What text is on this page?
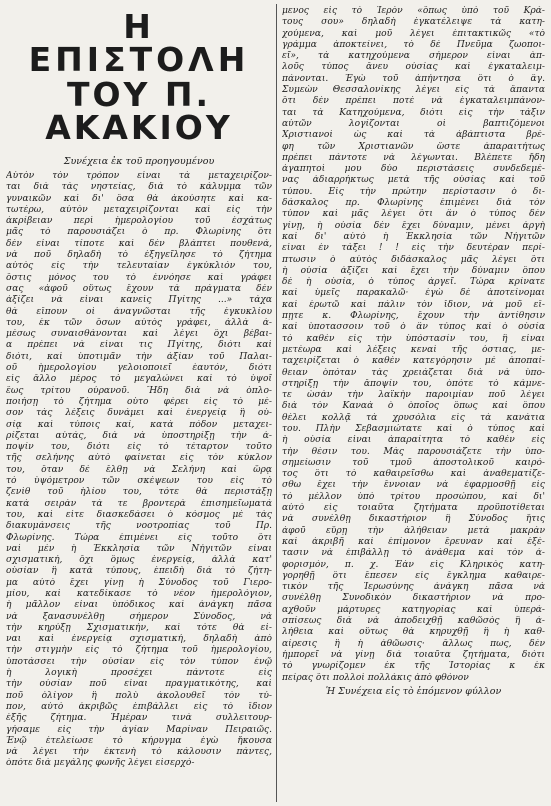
Η ΕΠΙΣΤΟΛΗ
ΤΟΥ Π. ΑΚΑΚΙΟΥ
Συνέχεια ἐκ τοῦ προηγουμένου
Αὐτὸν τὸν τρόπον εἶναι τὰ μεταχειρίζον-
ται διὰ τὰς νηστείας, διὰ τὸ κάλυμμα τῶν
γυναικῶν καὶ δι' ὅσα θὰ ἀκούσητε καὶ κα-
τωτέρω, αὐτὸν μεταχειρίζονται καὶ εἰς τὴν
ἀκρίβειαν περὶ ἡμερολογίου τοῦ ἐσχάτως
μᾶς τὸ παρουσιάζει ὁ πρ. Φλωρίνης ὅτι
δὲν εἶναι τίποτε καὶ δὲν βλάπτει πουθενά,
νὰ ποῦ δηλαδὴ τὸ ἐξηγεῖλησε τὸ ζήτημα
αὐτὸς εἰς τὴν τελευταίαν ἐγκύκλιόν του,
ὅστις μόνος του τὸ ἐννόησε καὶ γράφει
σας «ἀφοῦ οὕτως ἔχουν τὰ πράγματα δὲν
ἀξίζει νὰ εἶναι κανεὶς Πγίτης ...» τάχα
θὰ εἴπουν οἱ ἀναγνῶσται τῆς ἐγκυκλίου
του, ἐκ τῶν ὅσων αὐτὸς γράφει, ἀλλὰ ἀ-
μέσως συναισθάνονται καὶ λέγει ὅχι βέβαι-
α πρέπει νὰ εἶναι τις Πγίτης, διότι καὶ
διότι, καὶ ὑποτιμᾶν τὴν ἀξίαν τοῦ Παλαι-
οῦ ἡμερολογίου γελοιοποιεῖ ἑαυτόν, διότι
εἰς ἄλλο μέρος τὸ μεγαλώνει καὶ τὸ ὑψοῖ
ἕως τρίτου οὐρανοῦ. Ἤδη διὰ νὰ ὁπλο-
ποιήσῃ τὸ ζήτημα οὗτο φέρει εἰς τὸ μέ-
σον τὰς λέξεις δυνάμει καὶ ἐνεργείᾳ ἢ οὐ-
σίᾳ καὶ τύποις καί, κατὰ πόδον μεταχει-
ρίζεται αὐτάς, διὰ νὰ ὑποστηρίξῃ τὴν ἀ-
ποψίν του, διότι εἰς τὸ τέταρτον τοῦτο
τῆς σελήνης αὐτὸ φαίνεται εἰς τὸν κύκλον
του, ὅταν δὲ ἔλθῃ νὰ Σελήνη καὶ ὥρᾳ
τὸ ὑψόμετρον τῶν σκέψεων του εἰς τὸ
ζενὶθ τοῦ ἡλίου του, τότε θὰ περιστάξῃ
κατὰ σειρὰν τὰ τε βροντερὰ ἐπισημεῖωματά
του, καὶ εἶτε διασκεδάσει ὁ κόσμος μὲ τὰς
διακυμάνσεις τῆς νοοτροπίας τοῦ Πρ.
Φλωρίνης. Τώρα ἐπιμένει εἰς τοῦτο ὅτι
ναὶ μὲν ἡ Ἐκκλησία τῶν Νήγιτῶν εἶναι
σχισματική, ὄχι ὅμως ἐνεργείᾳ, ἀλλὰ κατ'
οὐσίαν ἢ κατὰ τύπους, ἐπειδὴ διὰ τὸ ζήτη-
μα αὐτὸ ἔχει γίνῃ ἡ Σύνοδος τοῦ Γιερο-
μίου, καὶ κατεδίκασε τὸ νέον ἡμερολόγιον,
ἡ μᾶλλον εἶναι ὑπόδικος καὶ ἀνάγκη πᾶσα
νὰ ξανασυνέλθῃ σήμερον Σύνοδος, νὰ
τὴν κηρύξῃ Σχισματικήν, καὶ τότε θὰ εἶ-
ναι καὶ ἐνεργείᾳ σχισματική, δηλαδὴ ἀπὸ
τὴν στιγμὴν εἰς τὸ ζήτημα τοῦ ἡμερολογίου,
ὑποτάσσει τὴν οὐσίαν εἰς τὸν τύπον ἐνῷ
ἡ λογικὴ προσέχει πάντοτε εἰς
τὴν οὐσίαν ποῦ εἶναι πραγματικότης, καὶ
ποῦ ὀλίγον ἢ πολὺ ἀκολουθεῖ τὸν τύ-
πον, αὐτὸ ἀκριβῶς ἐπιβάλλει εἰς τὸ ἴδιον
ἐξῆς ζήτημα. Ἡμέραν τινὰ συλλειτουρ-
γήσαμε εἰς τὴν ἁγίαν Μαρίναν Πειραιῶς.
Ἐνῷ ἐτελείωσε τὸ κήρυγμα ἐγὼ ἤκουσα
νὰ λέγει τὴν ἐκτενὴ τὸ κάλουσιν πάντες,
ὁπότε διὰ μεγάλης φωνῆς λέγει εἰσερχό-
μενος εἰς τὸ Ἱερὸν «ὅπως ὑπὸ τοῦ Κρά-
τους σου» δηλαδὴ ἐγκατέλειψε τὰ κατη-
χούμενα, καὶ μοῦ λέγει ἐπιτακτικῶς «τὸ
γράμμα ἀποκτείνει, τὸ δὲ Πνεῦμα ζωοποι-
εῖ», τὰ κατηχούμενα σήμερον εἶναι ἁπ-
λοῦς τύπος ἄνευ οὐσίας καὶ ἐγκαταλειμ-
πάνονται. Ἐγὼ τοῦ ἀπήντησα ὅτι ὁ ἅγ.
Συμεὼν Θεσσαλονίκης λέγει εἰς τὰ ἅπαντα
ὅτι δὲν πρέπει ποτὲ νὰ ἐγκαταλειμπάνον-
ται τὰ Κατηχούμενα, διότι εἰς τὴν τάξιν
αὐτῶν λογίζονται οἱ βαπτιζόμενοι
Χριστιανοὶ ὡς καὶ τὰ ἀβάπτιστα βρέ-
φη τῶν Χριστιανῶν ὥστε ἀπαραιτήτως
πρέπει πάντοτε νὰ λέγωνται. Βλέπετε ἤδη
ἀγαπητοὶ μου δύο περιστάσεις συνδεδεμέ-
νας ἀδιαρρήκτως μετὰ τῆς οὐσίας καὶ τοῦ
τύπου. Εἰς τὴν πρώτην περίστασιν ὁ δι-
δάσκαλος πρ. Φλωρίνης ἐπιμένει διὰ τὸν
τύπον καὶ μᾶς λέγει ὅτι ἂν ὁ τύπος δὲν
γίνῃ, ἡ οὐσία δὲν ἔχει δύναμιν, μένει ἀργὴ
καὶ δι' αὐτὸ ἡ Ἐκκλησία τῶν Νήγιτῶν
εἶναι ἐν τάξει ! ! εἰς τὴν δευτέραν περί-
πτωσιν ὁ αὐτὸς διδάσκαλος μᾶς λέγει ὅτι
ἡ οὐσία ἀξίζει καὶ ἔχει τὴν δύναμιν ὅπου
δὲ ἡ οὐσία, ὁ τύπος ἀργεῖ. Τώρα κρίνατε
καὶ ὑμεῖς παρακαλῶ· ἐγὼ δὲ ἀποτείνομαι
καὶ ἐρωτῶ καὶ πάλιν τὸν ἴδιον, νὰ μοῦ εἴ-
πῃτε κ. Φλωρίνης, ἔχουν τὴν ἀντίθησιν
καὶ ὑποτασσοιν τοῦ ὁ ἂν τύπος καὶ ὁ οὐσία
τὸ καθὲν εἰς τὴν ὑπόστασίν του, ἢ εἶναι
μετέωρα καὶ λέξεις κεναὶ τῆς ὀστιας, με-
ταχειρίζεται ὁ καθὲν κατεγόρησιν μὲ ἀποπαί-
θειαν ὁπόταν τὰς χρειάζεται διὰ νὰ ὑπο-
στηρίξῃ τὴν ἄποψίν του, ὁπότε τὸ κάμνε-
τε ὡσὰν τὴν λαϊκὴν παροιμίαν ποῦ λέγει
διὰ τὸν Καναὰ ὁ ὁποῖος ὅπως καὶ ὅπου
θέλει κολλᾷ τὰ χρυσόλια εἰς τὰ κανάτια
του. Πλὴν Σεβασμιώτατε καὶ ὁ τύπος καὶ
ἡ οὐσία εἶναι ἀπαραίτητα τὸ καθὲν εἰς
τὴν θέσιν του. Μὰς παρουσιάζετε τὴν ὑπο-
σημείωσιν τοῦ τμοῦ ἀποστολικοῦ καιρό-
τος ὅτι τὸ καθαιρεῖσθω καὶ ἀναθεματίζε-
σθω ἔχει τὴν ἔννοιαν νὰ ἐφαρμοσθῇ εἰς
τὸ μέλλον ὑπὸ τρίτου προσώπου, καὶ δι'
αὐτὸ εἰς τοιαῦτα ζητήματα προϋποτίθεται
νὰ συνέλθῃ δικαστήριον ἢ Σύνοδος ἥτις
ἀφοῦ εὕρῃ τὴν ἀλήθειαν μετὰ μακρὰν
καὶ ἀκριβῆ καὶ ἐπίμονον ἔρευναν καὶ ἐξέ-
τασιν νὰ ἐπιβάλλῃ τὸ ἀνάθεμα καὶ τὸν ἀ-
φορισμόν, π. χ. Ἐὰν εἷς Κληρικὸς κατη-
γορηθῇ ὅτι ἔπεσεν εἰς ἔγκλημα καθαιρε-
τικὸν τῆς Ἱερωσύνης ἀνάγκη πᾶσα νὰ
συνέλθῃ Συνοδικὸν δικαστήριον νὰ προ-
αχθοῦν μάρτυρες κατηγορίας καὶ ὑπερά-
σπίσεως διὰ νὰ ἀποδειχθῇ καθῶσὸς ἢ ἀ-
λήθεια καὶ οὕτως θὰ κηρυχθῇ ἢ ἡ καθ-
αίρεσις ἢ ἡ ἀθῶωσις· ἄλλως πως, δὲν
ἠμπορεῖ νὰ γίνῃ διὰ τοιαῦτα ζητήματα, διότι
τὸ γνωρίζομεν ἐκ τῆς Ἱστορίας κ ἐκ
πείρας ὅτι πολλοὶ πολλάκις ἀπὸ φθόνον
Ἡ Συνέχεια εἰς τὸ ἑπόμενον φύλλον
